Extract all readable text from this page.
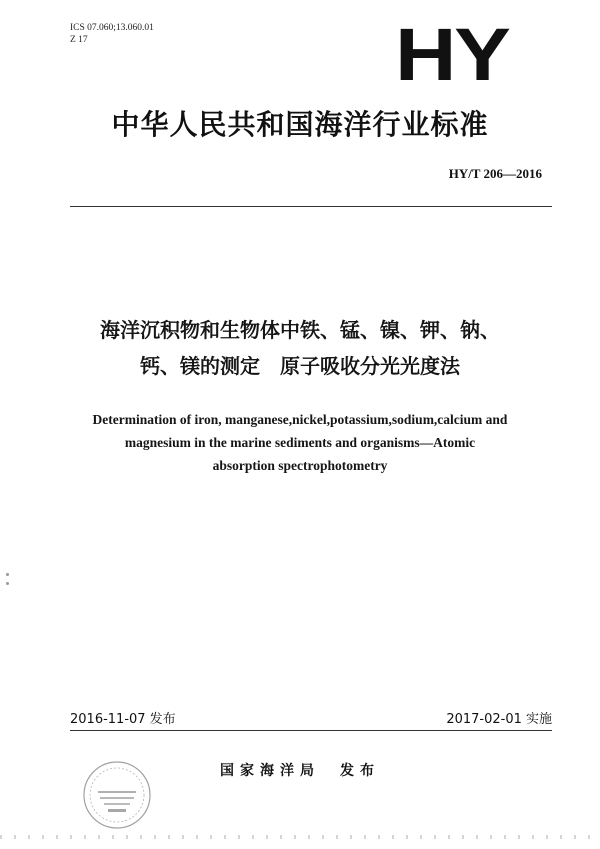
ICS 07.060;13.060.01
Z 17	HY
中华人民共和国海洋行业标准
HY/T 206—2016
海洋沉积物和生物体中铁、锰、镍、钾、钠、
钙、镁的测定　原子吸收分光光度法
Determination of iron, manganese,nickel,potassium,sodium,calcium and
magnesium in the marine sediments and organisms—Atomic
absorption spectrophotometry
2016-11-07 发布	2017-02-01 实施
国家海洋局　发布
